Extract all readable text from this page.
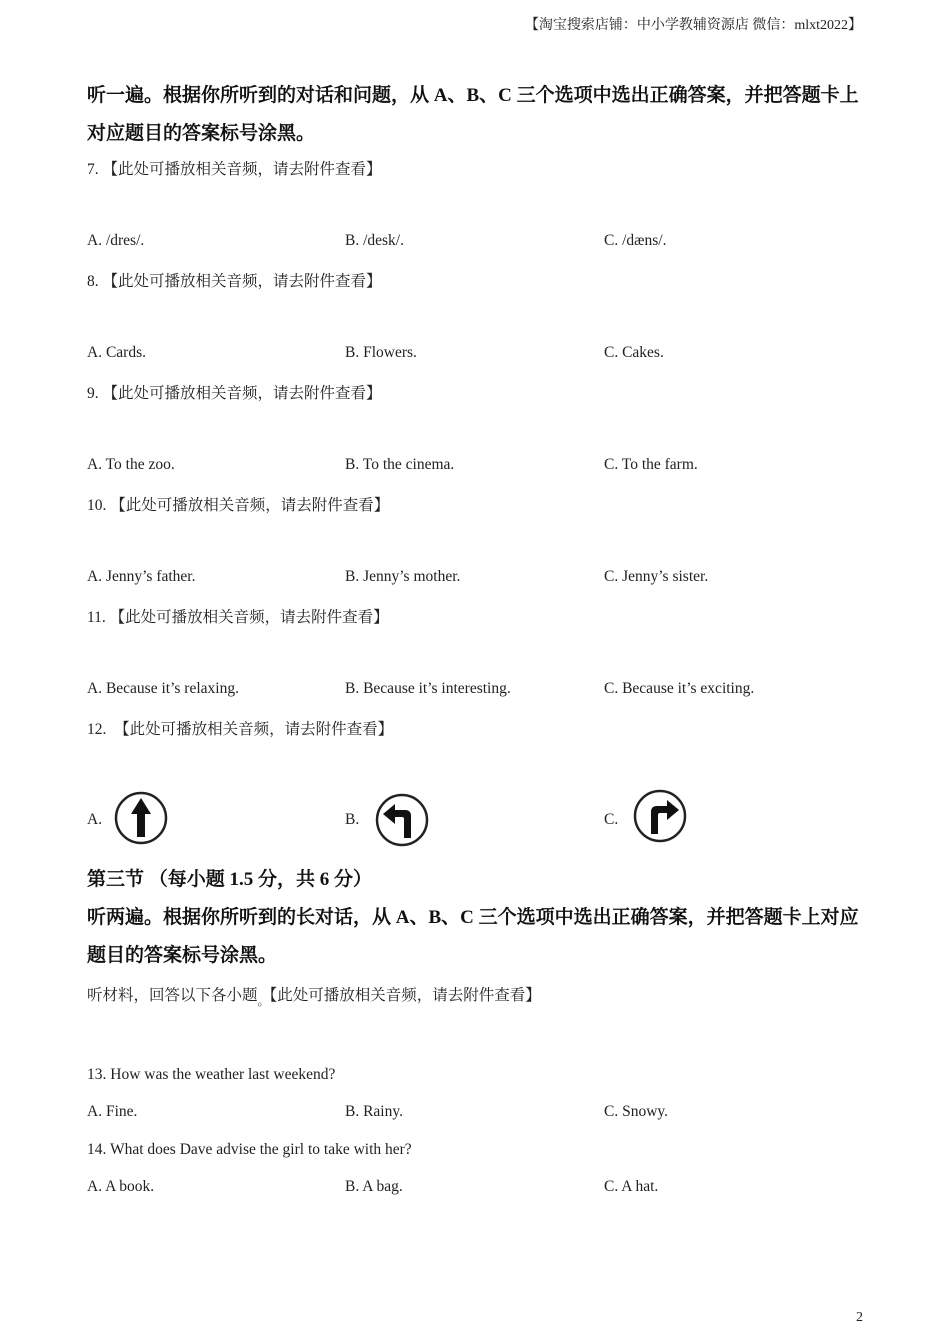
【淘宝搜索店铺：中小学教辅资源店 微信：mlxt2022】
听一遍。根据你所听到的对话和问题，从 A、B、C 三个选项中选出正确答案，并把答题卡上
对应题目的答案标号涂黑。
7. 【此处可播放相关音频，请去附件查看】
A. /dres/.	B. /desk/.	C. /dæns/.
8. 【此处可播放相关音频，请去附件查看】
A. Cards.	B. Flowers.	C. Cakes.
9. 【此处可播放相关音频，请去附件查看】
A. To the zoo.	B. To the cinema.	C. To the farm.
10. 【此处可播放相关音频，请去附件查看】
A. Jenny’s father.	B. Jenny’s mother.	C. Jenny’s sister.
11. 【此处可播放相关音频，请去附件查看】
A. Because it’s relaxing.	B. Because it’s interesting.	C. Because it’s exciting.
12.　【此处可播放相关音频，请去附件查看】
A.	B.	C.
第三节 （每小题 1.5 分，共 6 分）
听两遍。根据你所听到的长对话，从 A、B、C 三个选项中选出正确答案，并把答题卡上对应
题目的答案标号涂黑。
听材料，回答以下各小题$_。$【此处可播放相关音频，请去附件查看】
13. How was the weather last weekend?
A. Fine.	B. Rainy.	C. Snowy.
14. What does Dave advise the girl to take with her?
A. A book.	B. A bag.	C. A hat.
2
